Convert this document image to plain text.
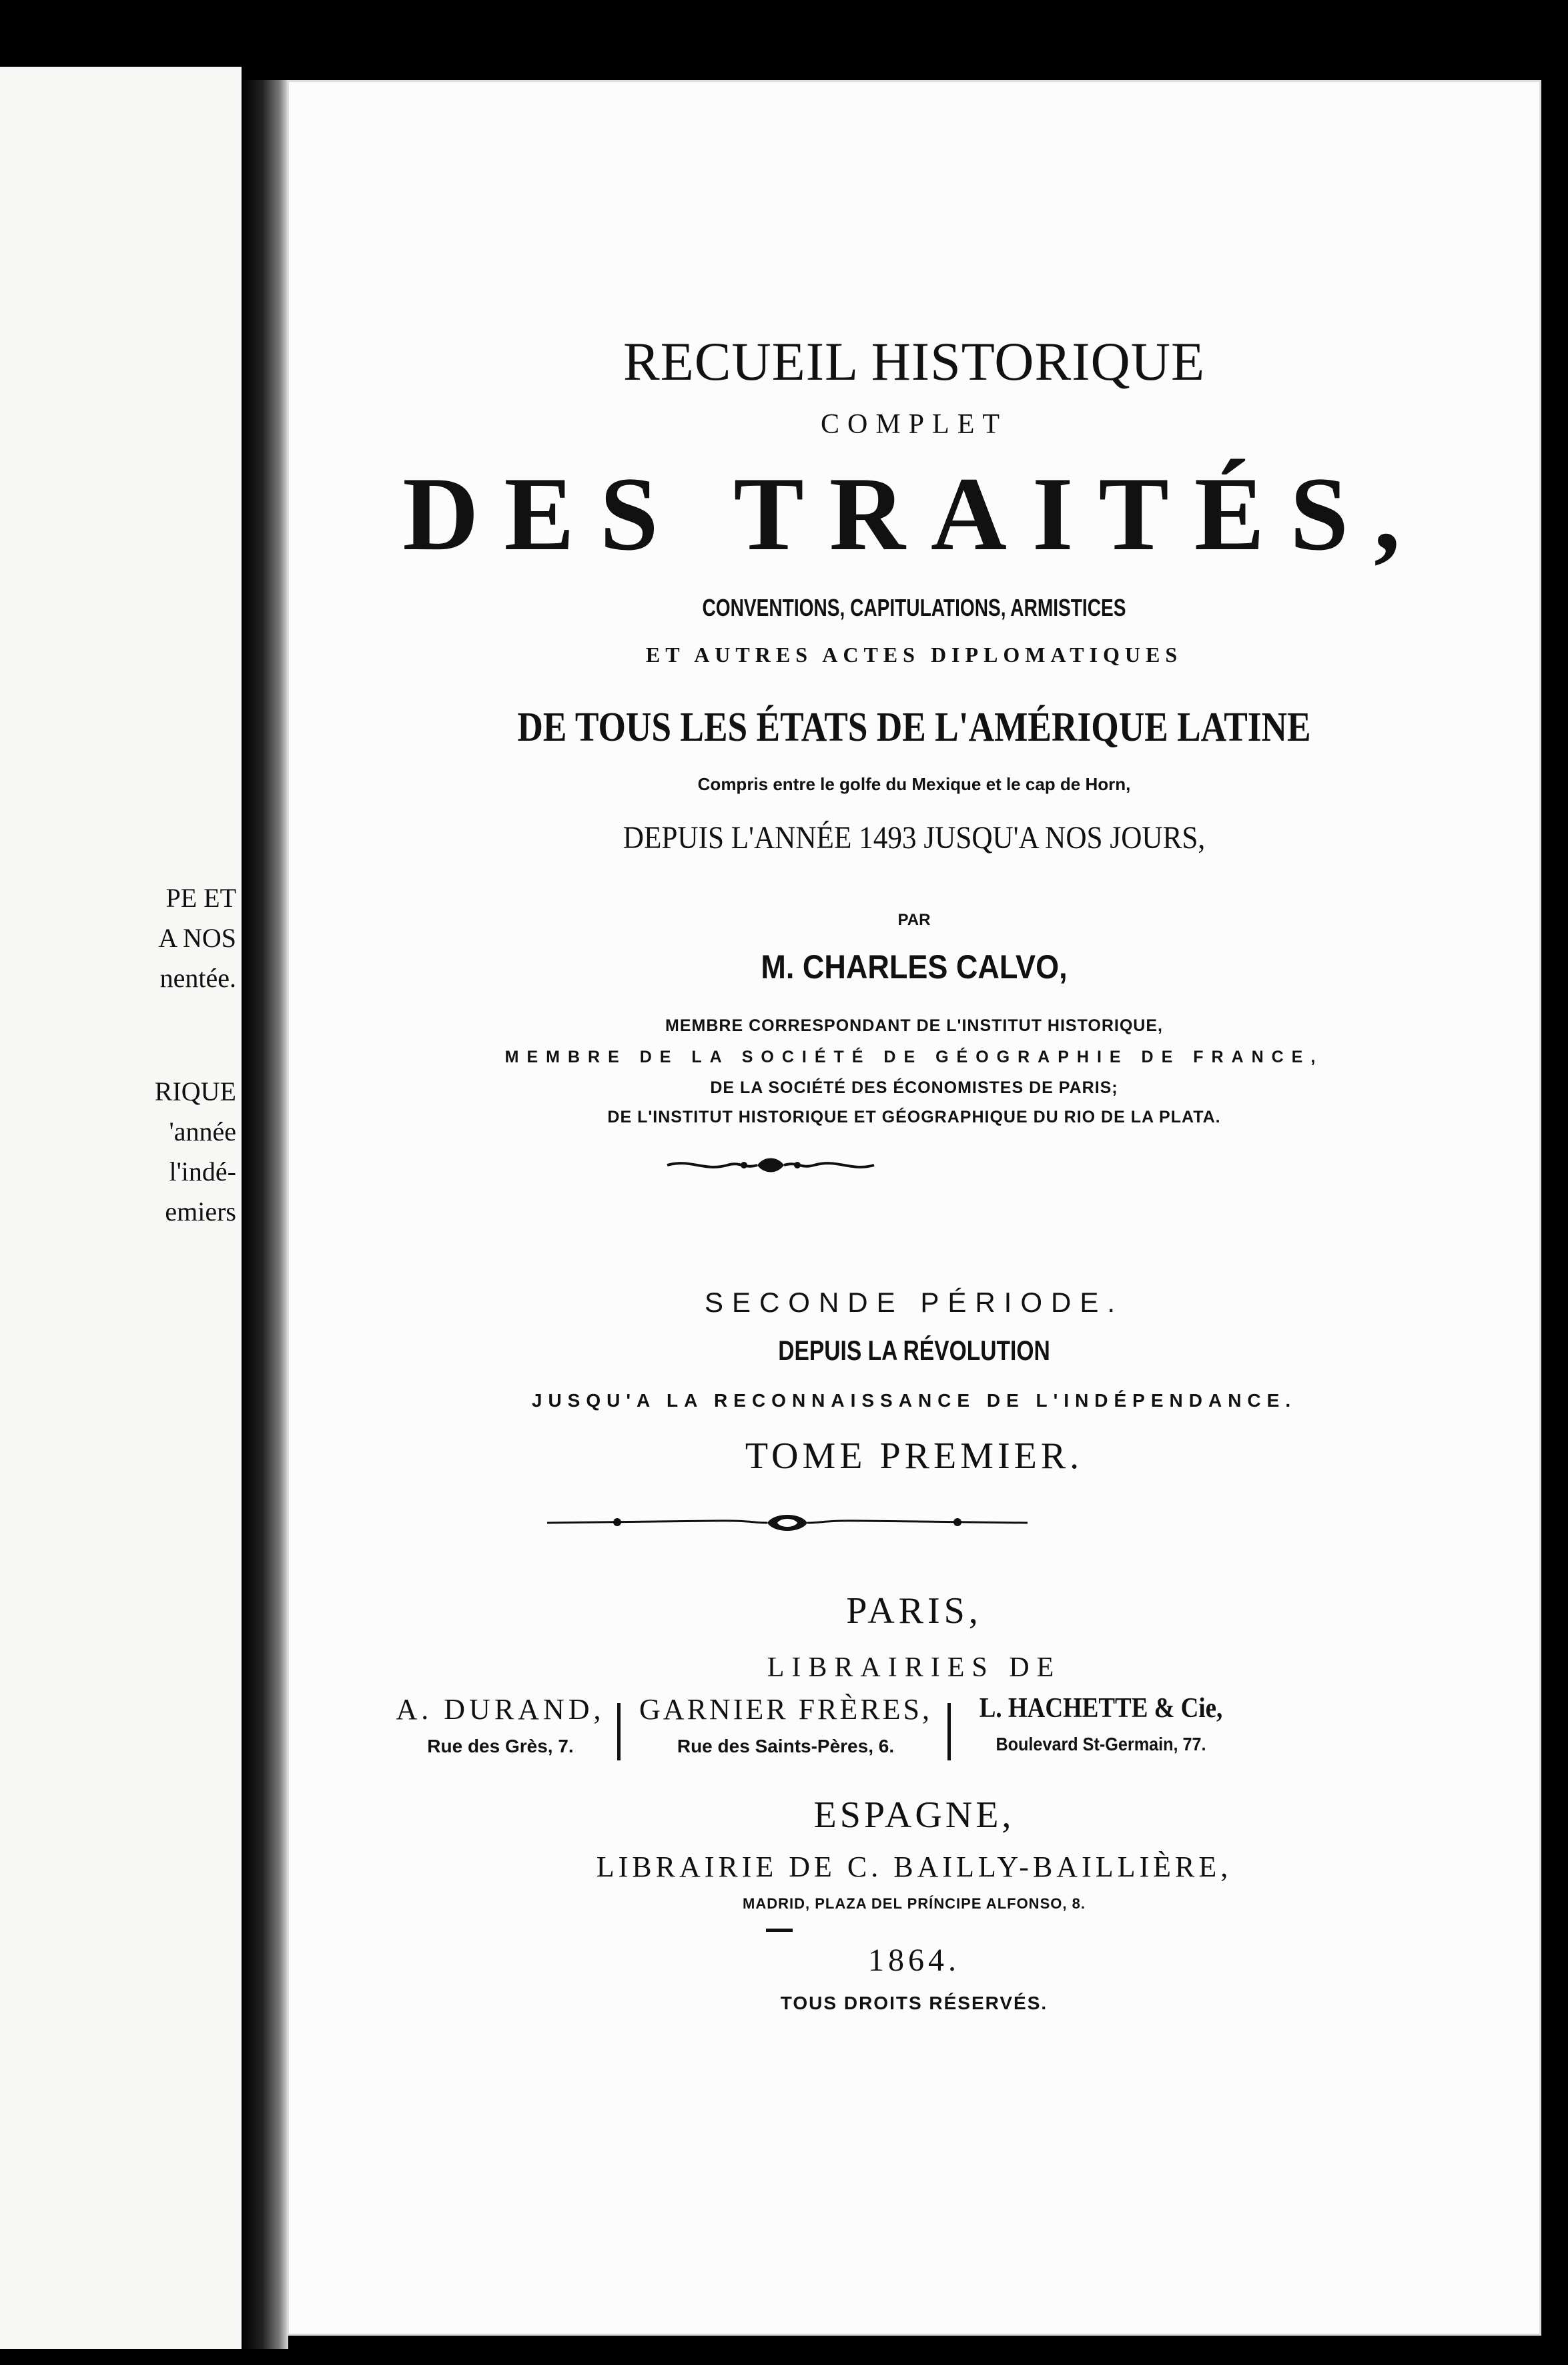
PE ET
A NOS
nentée.
RIQUE
'année
l'indé-
emiers
RECUEIL HISTORIQUE
COMPLET
DES TRAITÉS,
CONVENTIONS, CAPITULATIONS, ARMISTICES
ET AUTRES ACTES DIPLOMATIQUES
DE TOUS LES ÉTATS DE L'AMÉRIQUE LATINE
Compris entre le golfe du Mexique et le cap de Horn,
DEPUIS L'ANNÉE 1493 JUSQU'A NOS JOURS,
PAR
M. CHARLES CALVO,
MEMBRE CORRESPONDANT DE L'INSTITUT HISTORIQUE,
MEMBRE DE LA SOCIÉTÉ DE GÉOGRAPHIE DE FRANCE,
DE LA SOCIÉTÉ DES ÉCONOMISTES DE PARIS;
DE L'INSTITUT HISTORIQUE ET GÉOGRAPHIQUE DU RIO DE LA PLATA.
SECONDE PÉRIODE.
DEPUIS LA RÉVOLUTION
JUSQU'A LA RECONNAISSANCE DE L'INDÉPENDANCE.
TOME PREMIER.
PARIS,
LIBRAIRIES DE
A. DURAND,
Rue des Grès, 7.
GARNIER FRÈRES,
Rue des Saints-Pères, 6.
L. HACHETTE & Cie,
Boulevard St-Germain, 77.
ESPAGNE,
LIBRAIRIE DE C. BAILLY-BAILLIÈRE,
MADRID, PLAZA DEL PRÍNCIPE ALFONSO, 8.
1864.
TOUS DROITS RÉSERVÉS.
